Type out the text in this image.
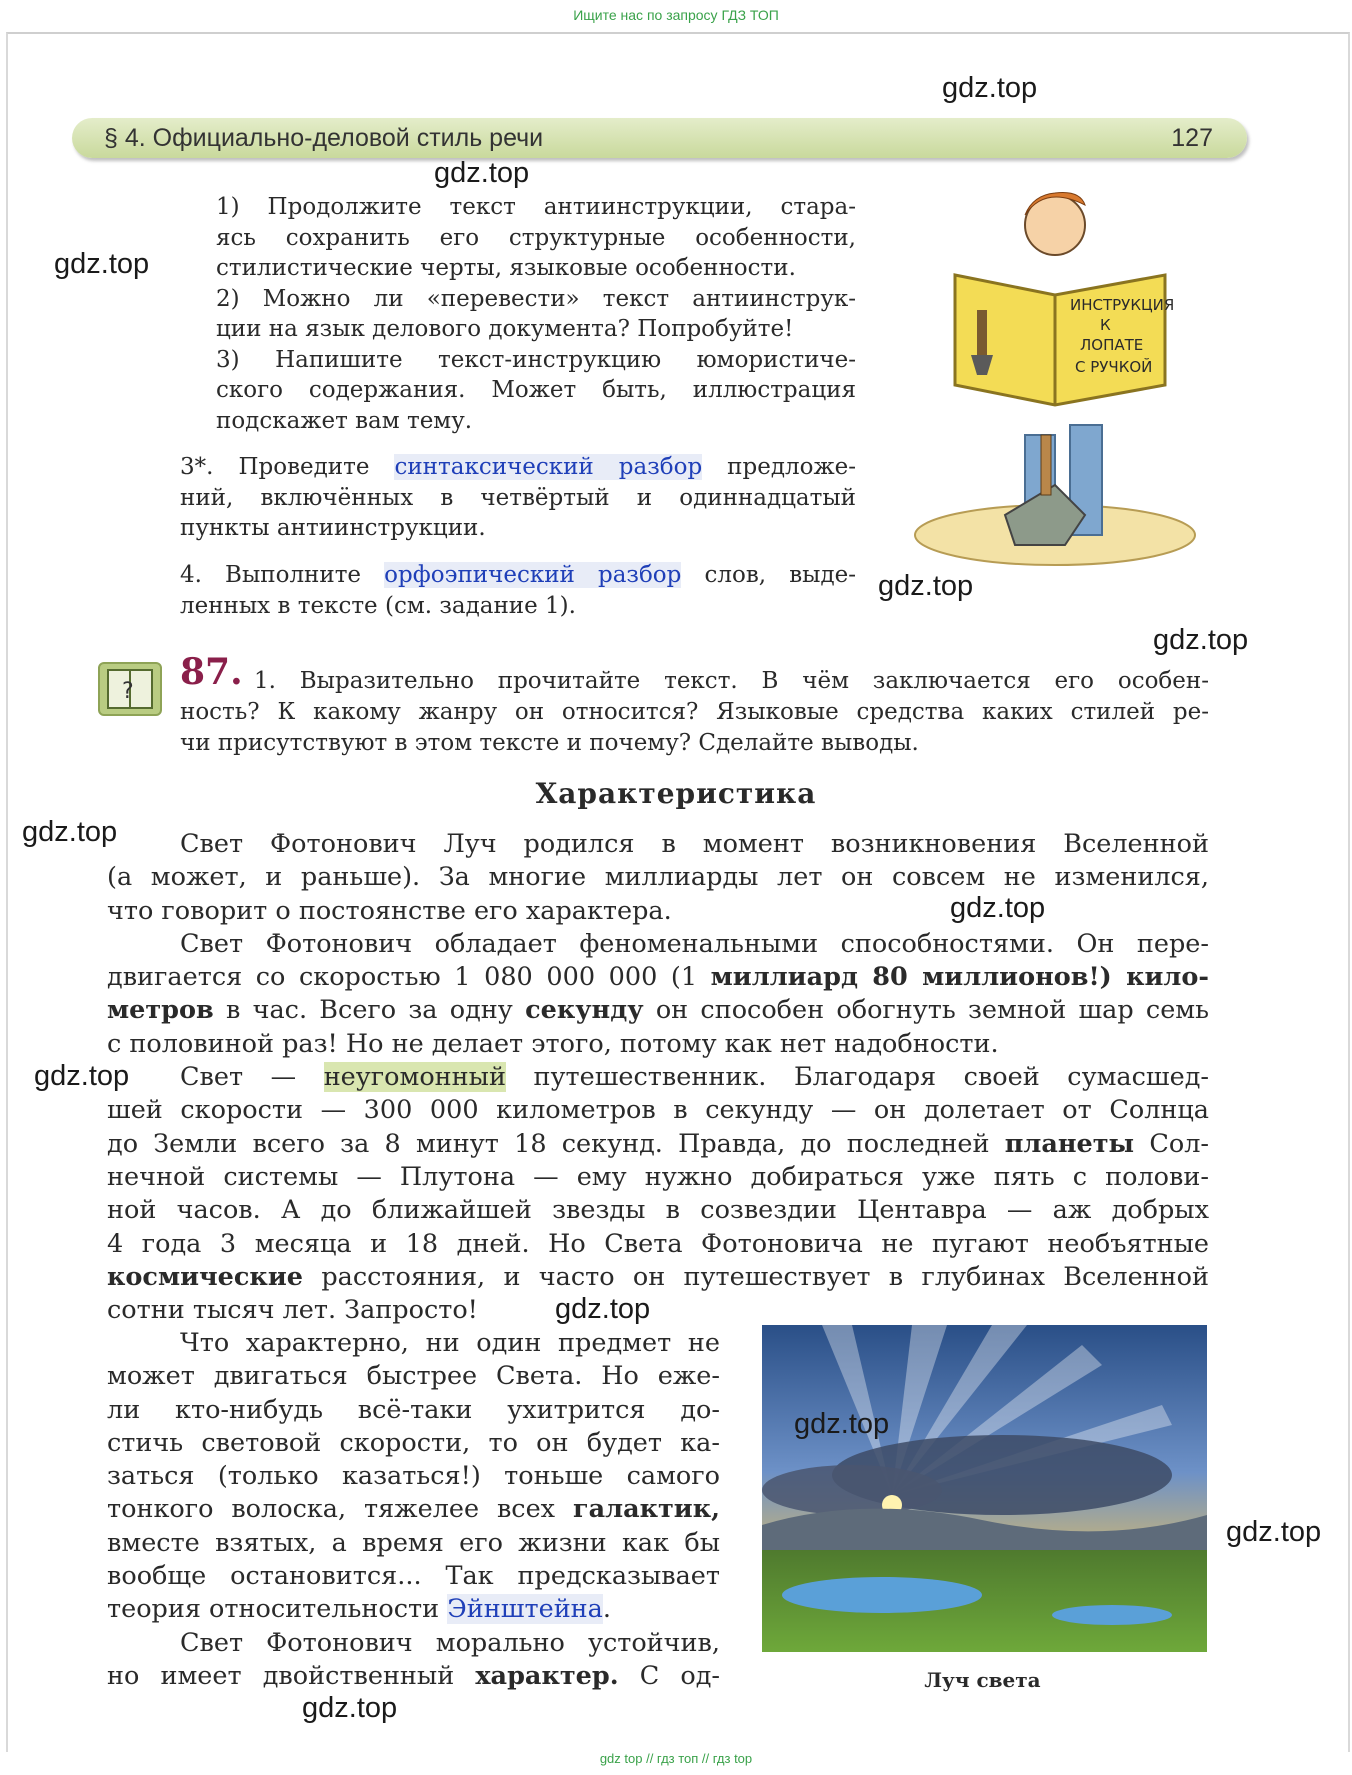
Ищите нас по запросу ГДЗ ТОП
§ 4. Официально-деловой стиль речи	127
1) Продолжите текст антиинструкции, стара-
ясь сохранить его структурные особенности,
стилистические черты, языковые особенности.
2) Можно ли «перевести» текст антиинструк-
ции на язык делового документа? Попробуйте!
3) Напишите текст-инструкцию юмористиче-
ского содержания. Может быть, иллюстрация
подскажет вам тему.
3*. Проведите синтаксический разбор предложе-
ний, включённых в четвёртый и одиннадцатый
пункты антиинструкции.
4. Выполните орфоэпический разбор слов, выде-
ленных в тексте (см. задание 1).
ИНСТРУКЦИЯ
К
ЛОПАТЕ
С РУЧКОЙ
? 87. 1. Выразительно прочитайте текст. В чём заключается его особен-
ность? К какому жанру он относится? Языковые средства каких стилей ре-
чи присутствуют в этом тексте и почему? Сделайте выводы.
Характеристика
Свет Фотонович Луч родился в момент возникновения Вселенной
(а может, и раньше). За многие миллиарды лет он совсем не изменился,
что говорит о постоянстве его характера.
Свет Фотонович обладает феноменальными способностями. Он пере-
двигается со скоростью 1 080 000 000 (1 миллиард 80 миллионов!) кило-
метров в час. Всего за одну секунду он способен обогнуть земной шар семь
с половиной раз! Но не делает этого, потому как нет надобности.
Свет — неугомонный путешественник. Благодаря своей сумасшед-
шей скорости — 300 000 километров в секунду — он долетает от Солнца
до Земли всего за 8 минут 18 секунд. Правда, до последней планеты Сол-
нечной системы — Плутона — ему нужно добираться уже пять с полови-
ной часов. А до ближайшей звезды в созвездии Центавра — аж добрых
4 года 3 месяца и 18 дней. Но Света Фотоновича не пугают необъятные
космические расстояния, и часто он путешествует в глубинах Вселенной
сотни тысяч лет. Запросто!
Что характерно, ни один предмет не
может двигаться быстрее Света. Но еже-
ли кто-нибудь всё-таки ухитрится до-
стичь световой скорости, то он будет ка-
заться (только казаться!) тоньше самого
тонкого волоска, тяжелее всех галактик,
вместе взятых, а время его жизни как бы
вообще остановится... Так предсказывает
теория относительности Эйнштейна.
Свет Фотонович морально устойчив,
но имеет двойственный характер. С од-	Луч света
gdz.top
gdz.top
gdz.top
gdz.top
gdz.top
gdz.top
gdz.top
gdz.top
gdz.top
gdz.top
gdz.top
gdz.top
gdz top // гдз топ // гдз top
